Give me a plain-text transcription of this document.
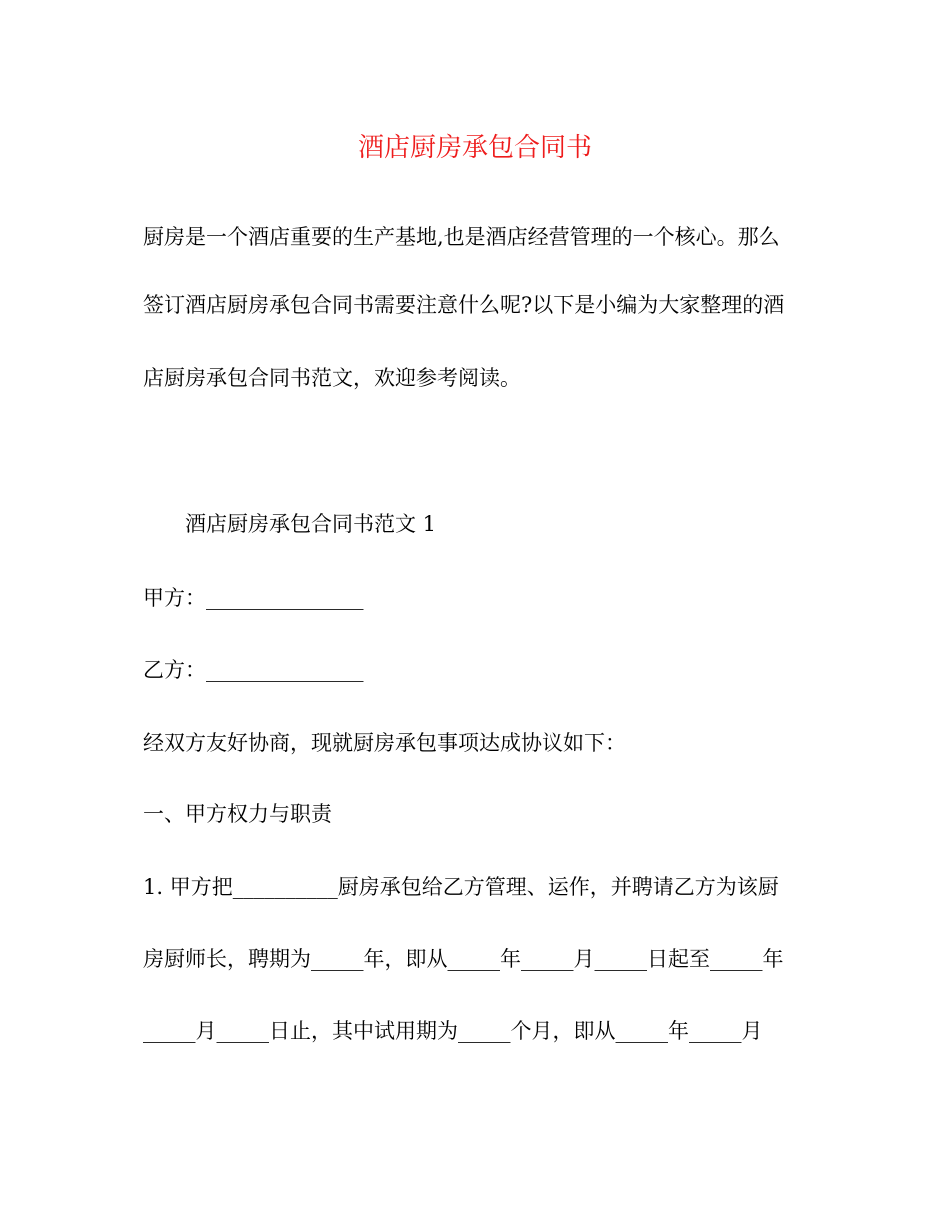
酒店厨房承包合同书
厨房是一个酒店重要的生产基地,也是酒店经营管理的一个核心。那么
签订酒店厨房承包合同书需要注意什么呢?以下是小编为大家整理的酒
店厨房承包合同书范文，欢迎参考阅读。
酒店厨房承包合同书范文 1
甲方：_______________
乙方：_______________
经双方友好协商，现就厨房承包事项达成协议如下：
一、甲方权力与职责
1. 甲方把__________厨房承包给乙方管理、运作，并聘请乙方为该厨
房厨师长，聘期为_____年，即从_____年_____月_____日起至_____年
_____月_____日止，其中试用期为_____个月，即从_____年_____月
